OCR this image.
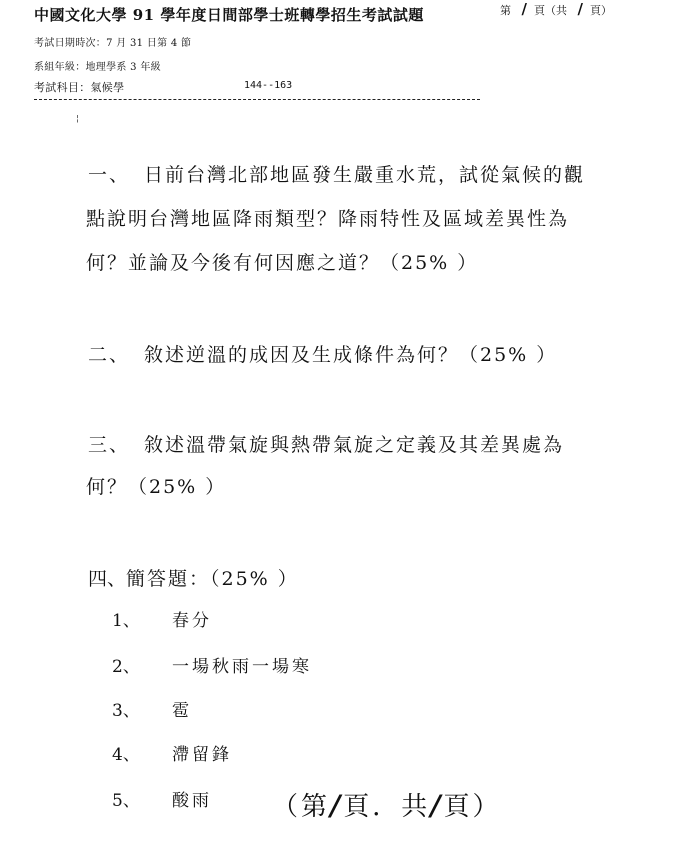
中國文化大學 91 學年度日間部學士班轉學招生考試試題	第 / 頁（共 / 頁）
考試日期時次：7 月 31 日第 4 節
系組年級：地理學系 3 年級
考試科目：氣候學	144--163
¦
一、 日前台灣北部地區發生嚴重水荒，試從氣候的觀
點說明台灣地區降雨類型？降雨特性及區域差異性為
何？並論及今後有何因應之道？（25% ）
二、 敘述逆溫的成因及生成條件為何？（25% ）
三、 敘述溫帶氣旋與熱帶氣旋之定義及其差異處為
何？（25% ）
四、 簡答題：（25% ）
1、 春分
2、 一場秋雨一場寒
3、 雹
4、 滯留鋒
5、 酸雨 （第/頁．共/頁）
